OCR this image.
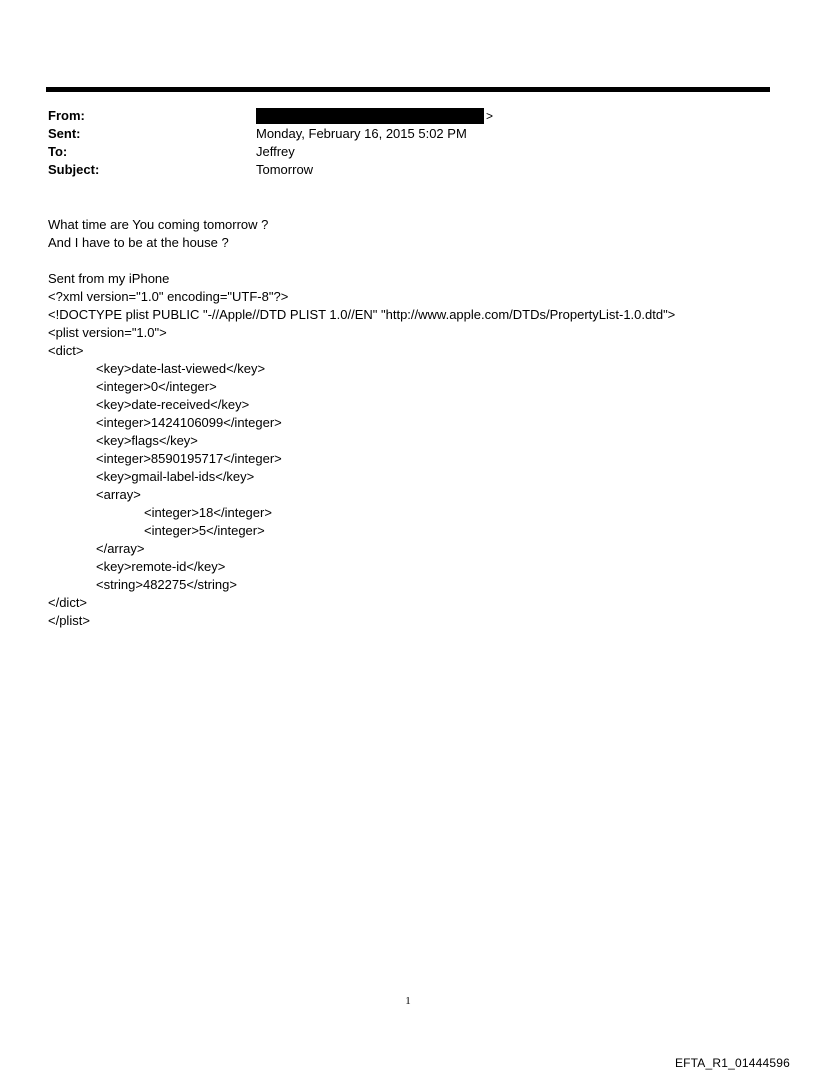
From:	>
Sent:	Monday, February 16, 2015 5:02 PM
To:	Jeffrey
Subject:	Tomorrow
What time are You coming tomorrow ?
And I have to be at the house ?
Sent from my iPhone
<?xml version="1.0" encoding="UTF-8"?>
<!DOCTYPE plist PUBLIC "-//Apple//DTD PLIST 1.0//EN" "http://www.apple.com/DTDs/PropertyList-1.0.dtd">
<plist version="1.0">
<dict>
<key>date-last-viewed</key>
<integer>0</integer>
<key>date-received</key>
<integer>1424106099</integer>
<key>flags</key>
<integer>8590195717</integer>
<key>gmail-label-ids</key>
<array>
<integer>18</integer>
<integer>5</integer>
</array>
<key>remote-id</key>
<string>482275</string>
</dict>
</plist>
1
EFTA_R1_01444596
